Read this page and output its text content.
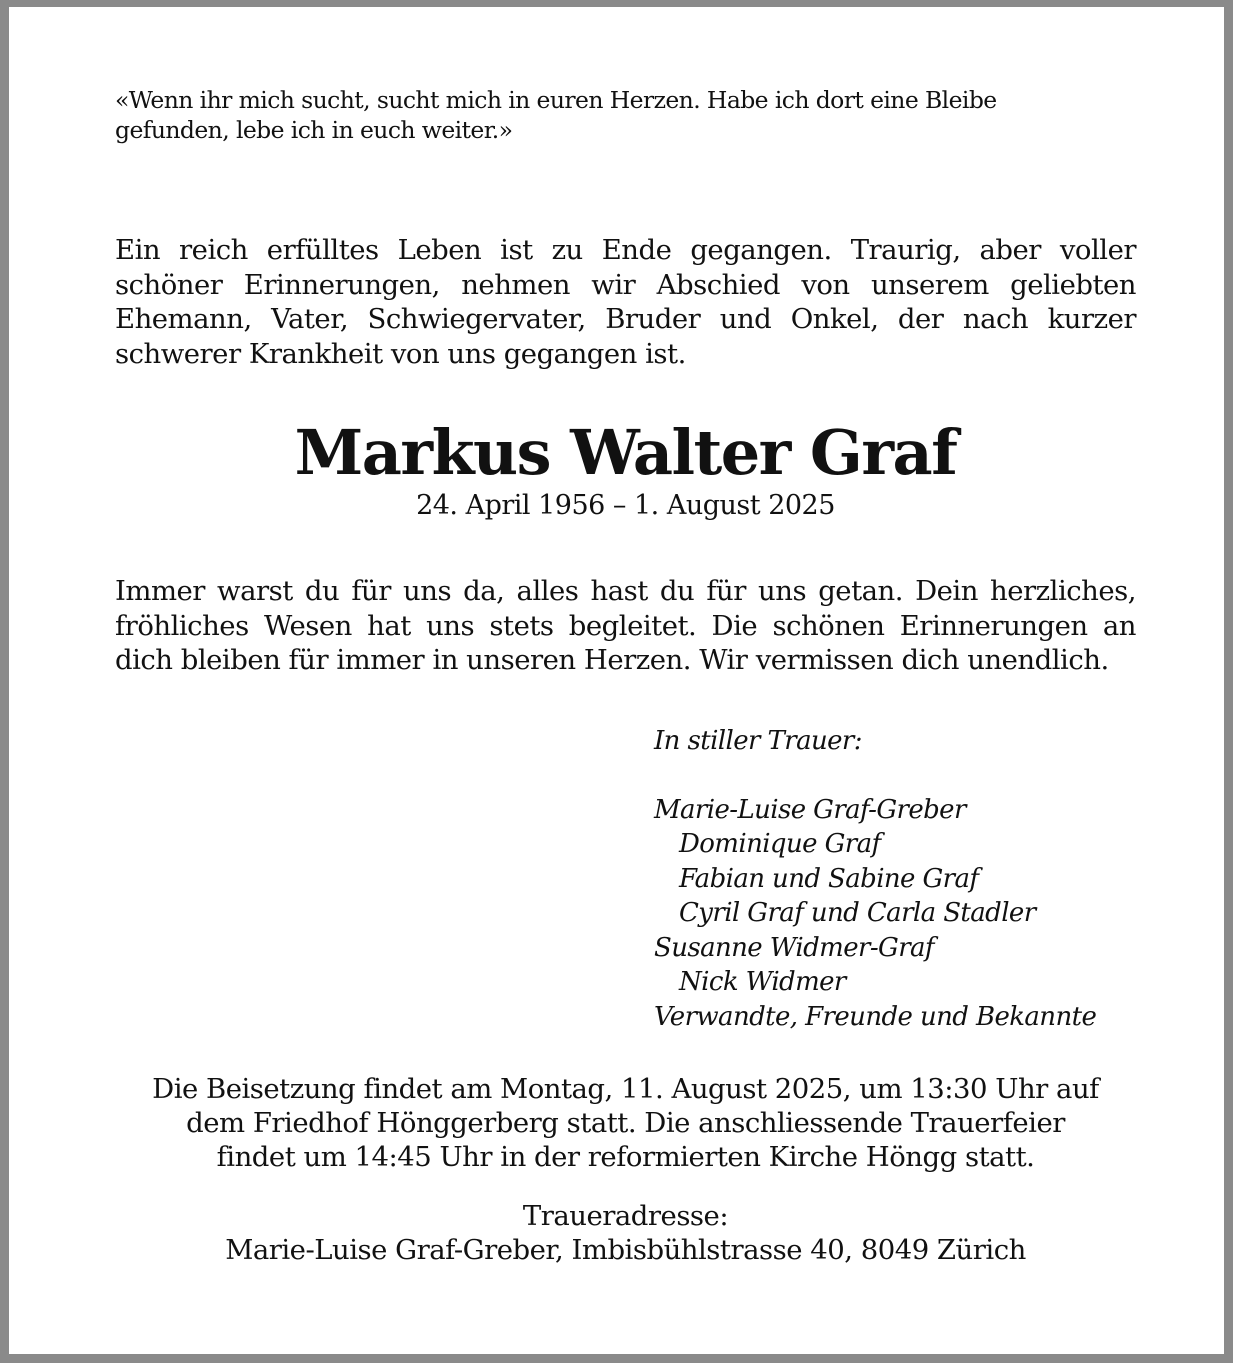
«Wenn ihr mich sucht, sucht mich in euren Herzen. Habe ich dort eine Bleibe
gefunden, lebe ich in euch weiter.»

Ein reich erfülltes Leben ist zu Ende gegangen. Traurig, aber voller schöner Erinnerungen, nehmen wir Abschied von unserem geliebten Ehemann, Vater, Schwiegervater, Bruder und Onkel, der nach kurzer schwerer Krankheit von uns gegangen ist.

Markus Walter Graf

24. April 1956 – 1. August 2025

Immer warst du für uns da, alles hast du für uns getan. Dein herzliches, fröhliches Wesen hat uns stets begleitet. Die schönen Erinnerungen an dich bleiben für immer in unseren Herzen. Wir vermissen dich unendlich.

In stiller Trauer:
Marie-Luise Graf-Greber
Dominique Graf
Fabian und Sabine Graf
Cyril Graf und Carla Stadler
Susanne Widmer-Graf
Nick Widmer
Verwandte, Freunde und Bekannte
Die Beisetzung findet am Montag, 11. August 2025, um 13:30 Uhr auf
dem Friedhof Hönggerberg statt. Die anschliessende Trauerfeier
findet um 14:45 Uhr in der reformierten Kirche Höngg statt.
Traueradresse:
Marie-Luise Graf-Greber, Imbisbühlstrasse 40, 8049 Zürich
